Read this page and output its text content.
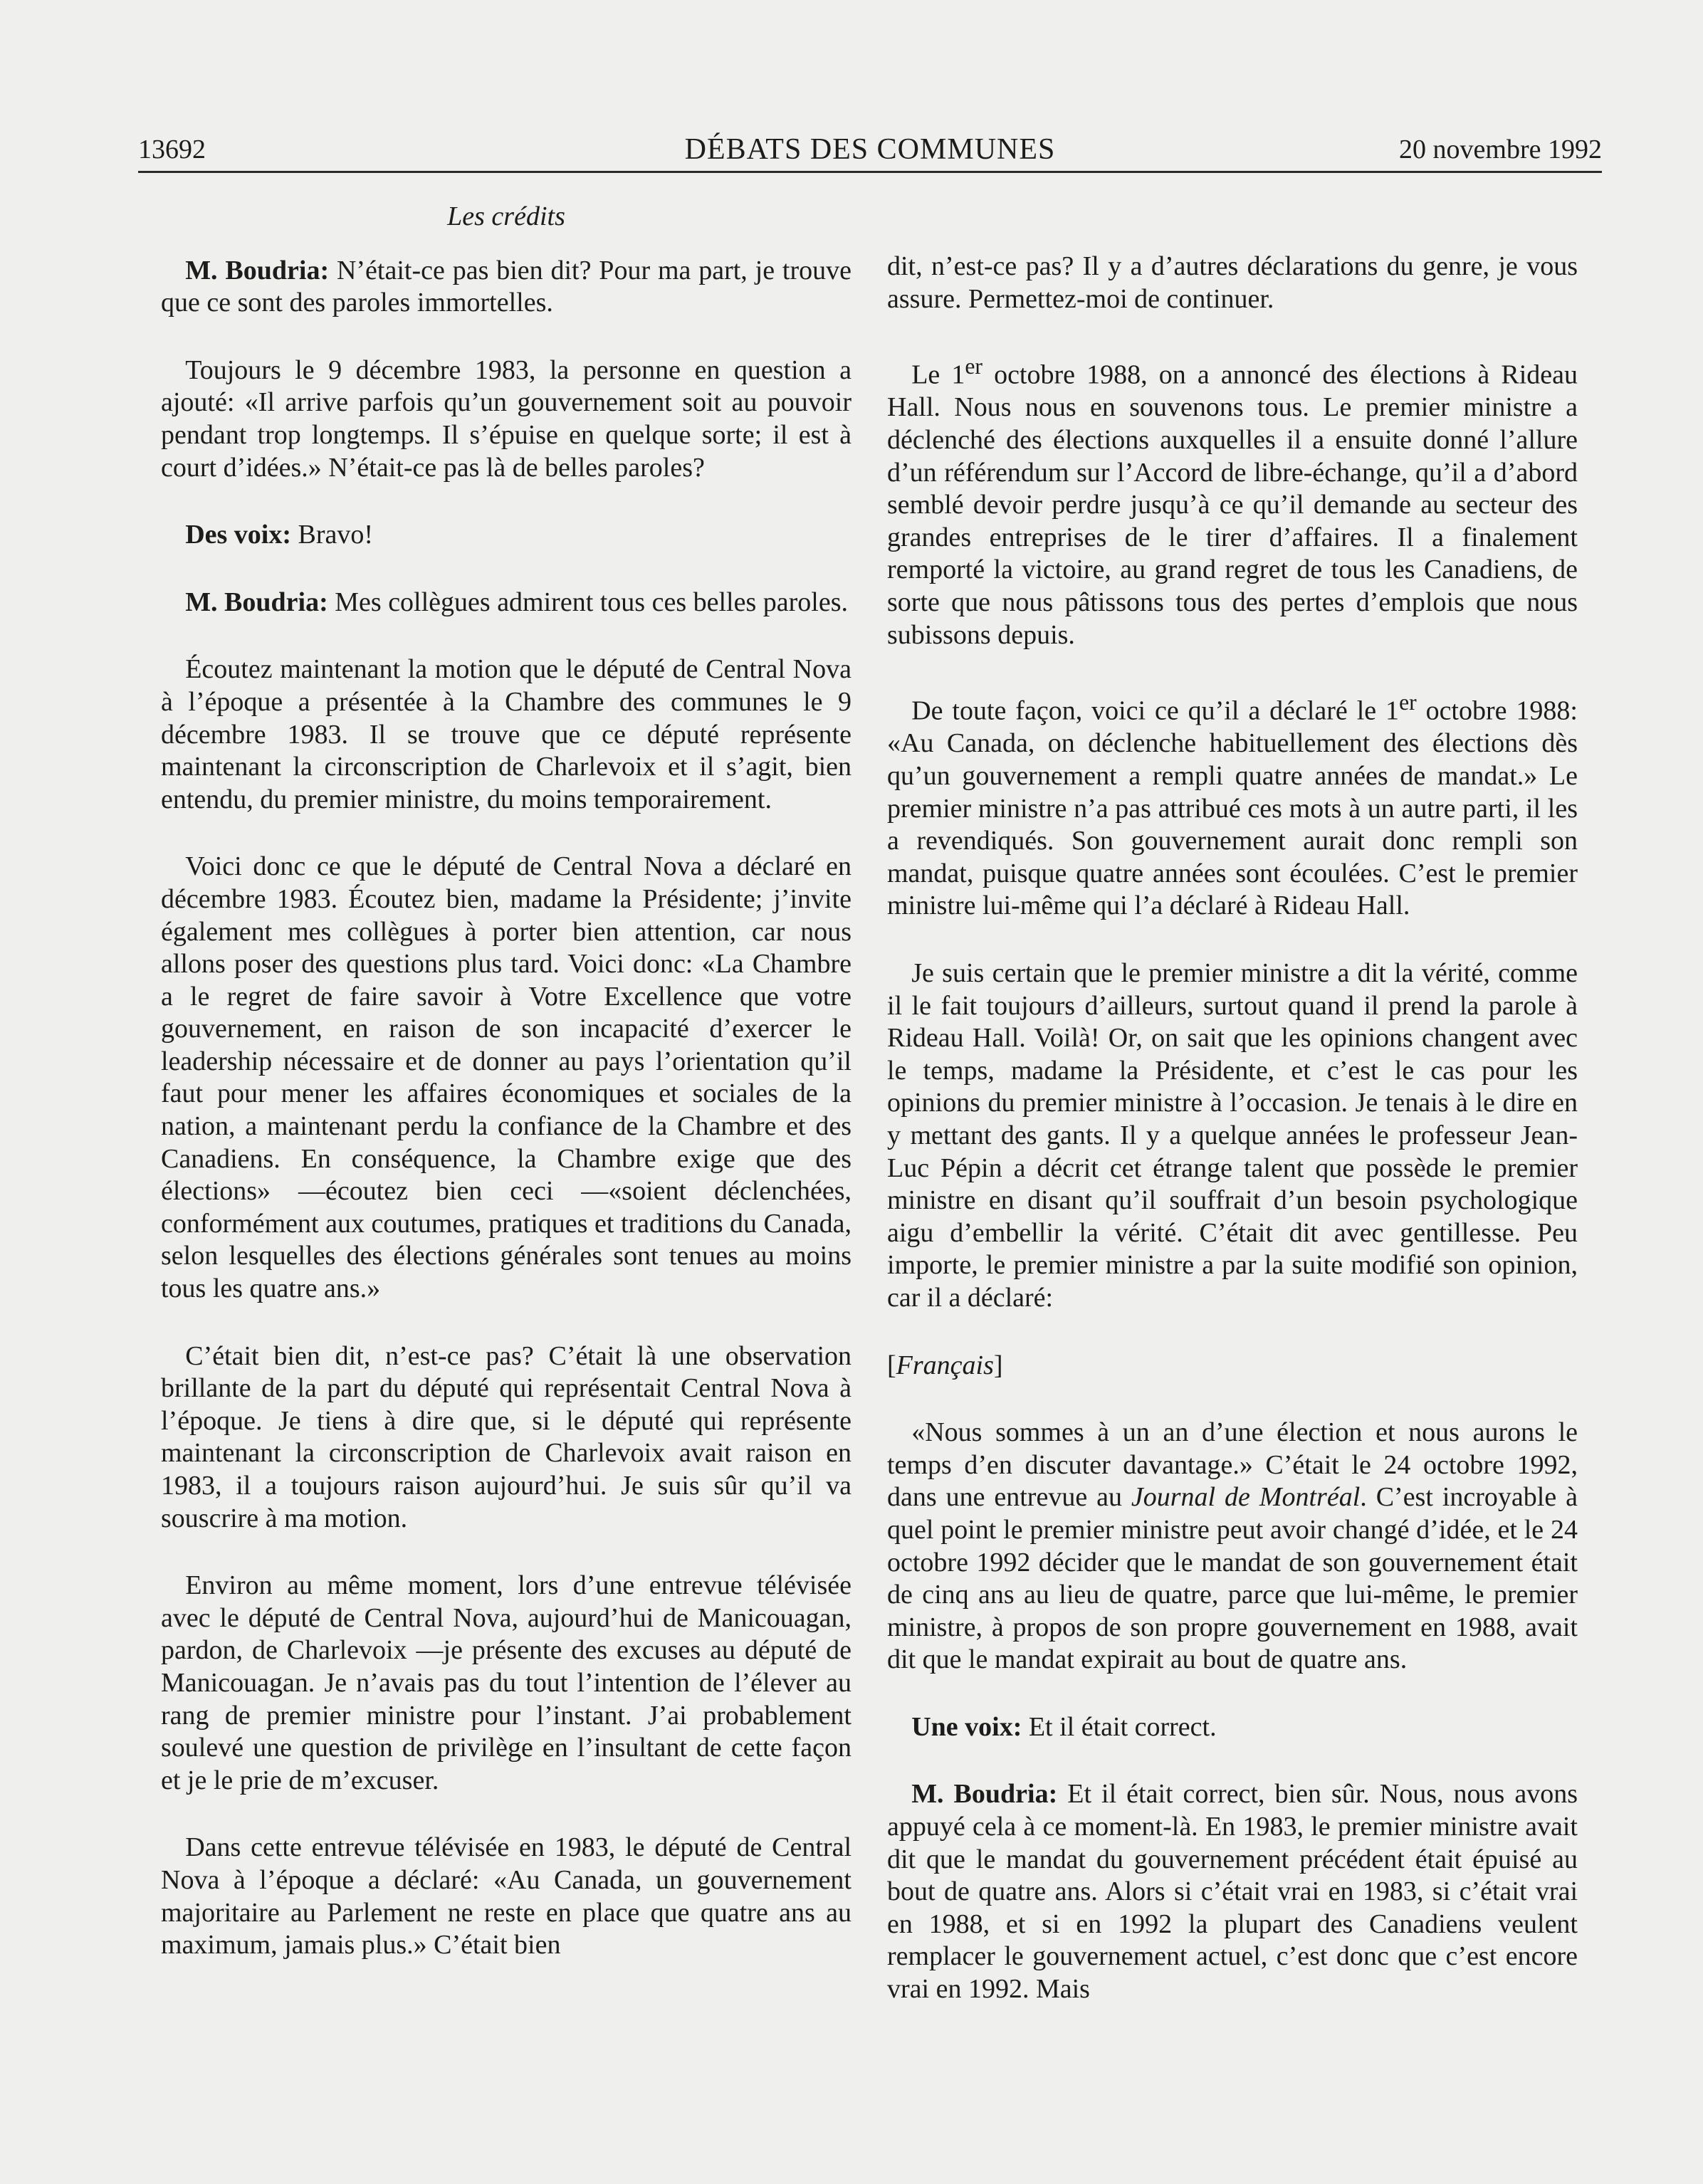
13692	DÉBATS DES COMMUNES	20 novembre 1992
Les crédits

M. Boudria: N’était-ce pas bien dit? Pour ma part, je trouve que ce sont des paroles immortelles.

Toujours le 9 décembre 1983, la personne en question a ajouté: «Il arrive parfois qu’un gouvernement soit au pouvoir pendant trop longtemps. Il s’épuise en quelque sorte; il est à court d’idées.» N’était-ce pas là de belles paroles?

Des voix: Bravo!

M. Boudria: Mes collègues admirent tous ces belles paroles.

Écoutez maintenant la motion que le député de Central Nova à l’époque a présentée à la Chambre des communes le 9 décembre 1983. Il se trouve que ce député représente maintenant la circonscription de Charlevoix et il s’agit, bien entendu, du premier ministre, du moins temporairement.

Voici donc ce que le député de Central Nova a déclaré en décembre 1983. Écoutez bien, madame la Présidente; j’invite également mes collègues à porter bien attention, car nous allons poser des questions plus tard. Voici donc: «La Chambre a le regret de faire savoir à Votre Excellence que votre gouvernement, en raison de son incapacité d’exercer le leadership nécessaire et de donner au pays l’orientation qu’il faut pour mener les affaires économiques et sociales de la nation, a maintenant perdu la confiance de la Chambre et des Canadiens. En conséquence, la Chambre exige que des élections» —écoutez bien ceci —«soient déclenchées, conformément aux coutumes, pratiques et traditions du Canada, selon lesquelles des élections générales sont tenues au moins tous les quatre ans.»

C’était bien dit, n’est-ce pas? C’était là une observation brillante de la part du député qui représentait Central Nova à l’époque. Je tiens à dire que, si le député qui représente maintenant la circonscription de Charlevoix avait raison en 1983, il a toujours raison aujourd’hui. Je suis sûr qu’il va souscrire à ma motion.

Environ au même moment, lors d’une entrevue télévisée avec le député de Central Nova, aujourd’hui de Manicouagan, pardon, de Charlevoix —je présente des excuses au député de Manicouagan. Je n’avais pas du tout l’intention de l’élever au rang de premier ministre pour l’instant. J’ai probablement soulevé une question de privilège en l’insultant de cette façon et je le prie de m’excuser.

Dans cette entrevue télévisée en 1983, le député de Central Nova à l’époque a déclaré: «Au Canada, un gouvernement majoritaire au Parlement ne reste en place que quatre ans au maximum, jamais plus.» C’était bien

dit, n’est-ce pas? Il y a d’autres déclarations du genre, je vous assure. Permettez-moi de continuer.

Le 1er octobre 1988, on a annoncé des élections à Rideau Hall. Nous nous en souvenons tous. Le premier ministre a déclenché des élections auxquelles il a ensuite donné l’allure d’un référendum sur l’Accord de libre-échange, qu’il a d’abord semblé devoir perdre jusqu’à ce qu’il demande au secteur des grandes entreprises de le tirer d’affaires. Il a finalement remporté la victoire, au grand regret de tous les Canadiens, de sorte que nous pâtissons tous des pertes d’emplois que nous subissons depuis.

De toute façon, voici ce qu’il a déclaré le 1er octobre 1988: «Au Canada, on déclenche habituellement des élections dès qu’un gouvernement a rempli quatre années de mandat.» Le premier ministre n’a pas attribué ces mots à un autre parti, il les a revendiqués. Son gouvernement aurait donc rempli son mandat, puisque quatre années sont écoulées. C’est le premier ministre lui-même qui l’a déclaré à Rideau Hall.

Je suis certain que le premier ministre a dit la vérité, comme il le fait toujours d’ailleurs, surtout quand il prend la parole à Rideau Hall. Voilà! Or, on sait que les opinions changent avec le temps, madame la Présidente, et c’est le cas pour les opinions du premier ministre à l’occasion. Je tenais à le dire en y mettant des gants. Il y a quelque années le professeur Jean-Luc Pépin a décrit cet étrange talent que possède le premier ministre en disant qu’il souffrait d’un besoin psychologique aigu d’embellir la vérité. C’était dit avec gentillesse. Peu importe, le premier ministre a par la suite modifié son opinion, car il a déclaré:

[Français]

«Nous sommes à un an d’une élection et nous aurons le temps d’en discuter davantage.» C’était le 24 octobre 1992, dans une entrevue au Journal de Montréal. C’est incroyable à quel point le premier ministre peut avoir changé d’idée, et le 24 octobre 1992 décider que le mandat de son gouvernement était de cinq ans au lieu de quatre, parce que lui-même, le premier ministre, à propos de son propre gouvernement en 1988, avait dit que le mandat expirait au bout de quatre ans.

Une voix: Et il était correct.

M. Boudria: Et il était correct, bien sûr. Nous, nous avons appuyé cela à ce moment-là. En 1983, le premier ministre avait dit que le mandat du gouvernement précédent était épuisé au bout de quatre ans. Alors si c’était vrai en 1983, si c’était vrai en 1988, et si en 1992 la plupart des Canadiens veulent remplacer le gouvernement actuel, c’est donc que c’est encore vrai en 1992. Mais
